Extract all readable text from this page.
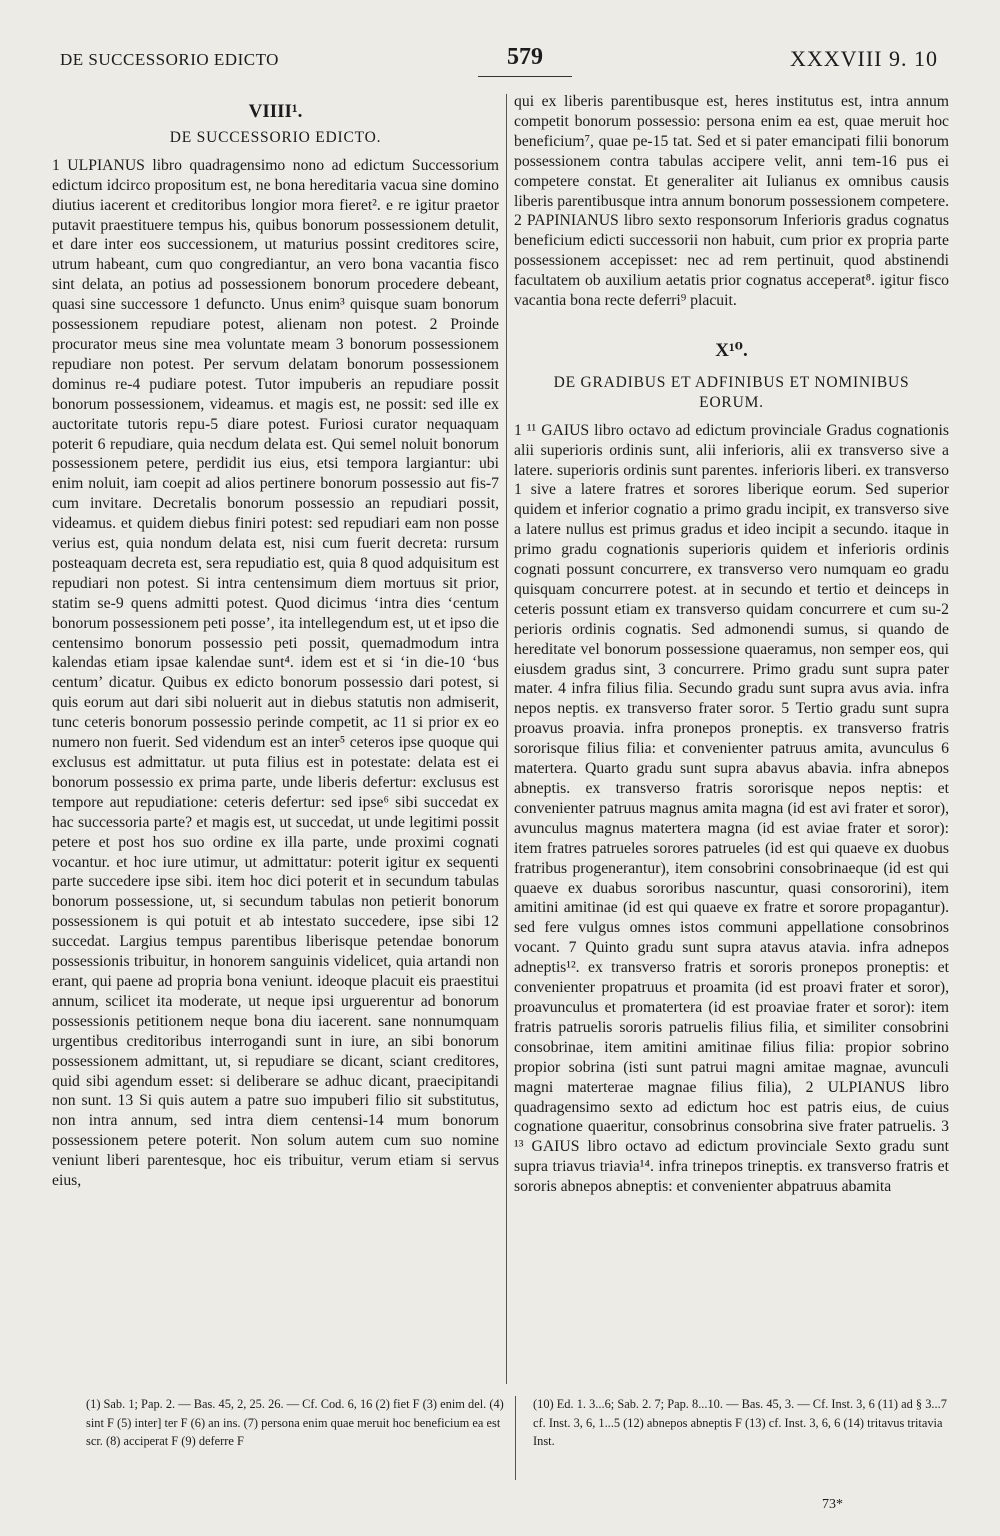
DE SUCCESSORIO EDICTO	579	XXXVIII 9. 10
VIIII¹.
DE SUCCESSORIO EDICTO.

1 ULPIANUS libro quadragensimo nono ad edictum Successorium edictum idcirco propositum est, ne bona hereditaria vacua sine domino diutius iacerent et creditoribus longior mora fieret². e re igitur praetor putavit praestituere tempus his, quibus bonorum possessionem detulit, et dare inter eos successionem, ut maturius possint creditores scire, utrum habeant, cum quo congrediantur, an vero bona vacantia fisco sint delata, an potius ad possessionem bonorum procedere debeant, quasi sine successore 1 defuncto. Unus enim³ quisque suam bonorum possessionem repudiare potest, alienam non potest. 2 Proinde procurator meus sine mea voluntate meam 3 bonorum possessionem repudiare non potest. Per servum delatam bonorum possessionem dominus re-4 pudiare potest. Tutor impuberis an repudiare possit bonorum possessionem, videamus. et magis est, ne possit: sed ille ex auctoritate tutoris repu-5 diare potest. Furiosi curator nequaquam poterit 6 repudiare, quia necdum delata est. Qui semel noluit bonorum possessionem petere, perdidit ius eius, etsi tempora largiantur: ubi enim noluit, iam coepit ad alios pertinere bonorum possessio aut fis-7 cum invitare. Decretalis bonorum possessio an repudiari possit, videamus. et quidem diebus finiri potest: sed repudiari eam non posse verius est, quia nondum delata est, nisi cum fuerit decreta: rursum posteaquam decreta est, sera repudiatio est, quia 8 quod adquisitum est repudiari non potest. Si intra centensimum diem mortuus sit prior, statim se-9 quens admitti potest. Quod dicimus ‘intra dies ‘centum bonorum possessionem peti posse’, ita intellegendum est, ut et ipso die centensimo bonorum possessio peti possit, quemadmodum intra kalendas etiam ipsae kalendae sunt⁴. idem est et si ‘in die-10 ‘bus centum’ dicatur. Quibus ex edicto bonorum possessio dari potest, si quis eorum aut dari sibi noluerit aut in diebus statutis non admiserit, tunc ceteris bonorum possessio perinde competit, ac 11 si prior ex eo numero non fuerit. Sed videndum est an inter⁵ ceteros ipse quoque qui exclusus est admittatur. ut puta filius est in potestate: delata est ei bonorum possessio ex prima parte, unde liberis defertur: exclusus est tempore aut repudiatione: ceteris defertur: sed ipse⁶ sibi succedat ex hac successoria parte? et magis est, ut succedat, ut unde legitimi possit petere et post hos suo ordine ex illa parte, unde proximi cognati vocantur. et hoc iure utimur, ut admittatur: poterit igitur ex sequenti parte succedere ipse sibi. item hoc dici poterit et in secundum tabulas bonorum possessione, ut, si secundum tabulas non petierit bonorum possessionem is qui potuit et ab intestato succedere, ipse sibi 12 succedat. Largius tempus parentibus liberisque petendae bonorum possessionis tribuitur, in honorem sanguinis videlicet, quia artandi non erant, qui paene ad propria bona veniunt. ideoque placuit eis praestitui annum, scilicet ita moderate, ut neque ipsi urguerentur ad bonorum possessionis petitionem neque bona diu iacerent. sane nonnumquam urgentibus creditoribus interrogandi sunt in iure, an sibi bonorum possessionem admittant, ut, si repudiare se dicant, sciant creditores, quid sibi agendum esset: si deliberare se adhuc dicant, praecipitandi non sunt. 13 Si quis autem a patre suo impuberi filio sit substitutus, non intra annum, sed intra diem centensi-14 mum bonorum possessionem petere poterit. Non solum autem cum suo nomine veniunt liberi parentesque, hoc eis tribuitur, verum etiam si servus eius,

qui ex liberis parentibusque est, heres institutus est, intra annum competit bonorum possessio: persona enim ea est, quae meruit hoc beneficium⁷, quae pe-15 tat. Sed et si pater emancipati filii bonorum possessionem contra tabulas accipere velit, anni tem-16 pus ei competere constat. Et generaliter ait Iulianus ex omnibus causis liberis parentibusque intra annum bonorum possessionem competere. 2 PAPINIANUS libro sexto responsorum Inferioris gradus cognatus beneficium edicti successorii non habuit, cum prior ex propria parte possessionem accepisset: nec ad rem pertinuit, quod abstinendi facultatem ob auxilium aetatis prior cognatus acceperat⁸. igitur fisco vacantia bona recte deferri⁹ placuit.

X¹⁰.
DE GRADIBUS ET ADFINIBUS ET NOMINIBUS EORUM.

1 ¹¹ GAIUS libro octavo ad edictum provinciale Gradus cognationis alii superioris ordinis sunt, alii inferioris, alii ex transverso sive a latere. superioris ordinis sunt parentes. inferioris liberi. ex transverso 1 sive a latere fratres et sorores liberique eorum. Sed superior quidem et inferior cognatio a primo gradu incipit, ex transverso sive a latere nullus est primus gradus et ideo incipit a secundo. itaque in primo gradu cognationis superioris quidem et inferioris ordinis cognati possunt concurrere, ex transverso vero numquam eo gradu quisquam concurrere potest. at in secundo et tertio et deinceps in ceteris possunt etiam ex transverso quidam concurrere et cum su-2 perioris ordinis cognatis. Sed admonendi sumus, si quando de hereditate vel bonorum possessione quaeramus, non semper eos, qui eiusdem gradus sint, 3 concurrere. Primo gradu sunt supra pater mater. 4 infra filius filia. Secundo gradu sunt supra avus avia. infra nepos neptis. ex transverso frater soror. 5 Tertio gradu sunt supra proavus proavia. infra pronepos proneptis. ex transverso fratris sororisque filius filia: et convenienter patruus amita, avunculus 6 matertera. Quarto gradu sunt supra abavus abavia. infra abnepos abneptis. ex transverso fratris sororisque nepos neptis: et convenienter patruus magnus amita magna (id est avi frater et soror), avunculus magnus matertera magna (id est aviae frater et soror): item fratres patrueles sorores patrueles (id est qui quaeve ex duobus fratribus progenerantur), item consobrini consobrinaeque (id est qui quaeve ex duabus sororibus nascuntur, quasi consororini), item amitini amitinae (id est qui quaeve ex fratre et sorore propagantur). sed fere vulgus omnes istos communi appellatione consobrinos vocant. 7 Quinto gradu sunt supra atavus atavia. infra adnepos adneptis¹². ex transverso fratris et sororis pronepos proneptis: et convenienter propatruus et proamita (id est proavi frater et soror), proavunculus et promatertera (id est proaviae frater et soror): item fratris patruelis sororis patruelis filius filia, et similiter consobrini consobrinae, item amitini amitinae filius filia: propior sobrino propior sobrina (isti sunt patrui magni amitae magnae, avunculi magni materterae magnae filius filia), 2 ULPIANUS libro quadragensimo sexto ad edictum hoc est patris eius, de cuius cognatione quaeritur, consobrinus consobrina sive frater patruelis. 3 ¹³ GAIUS libro octavo ad edictum provinciale Sexto gradu sunt supra triavus triavia¹⁴. infra trinepos trineptis. ex transverso fratris et sororis abnepos abneptis: et convenienter abpatruus abamita

(1) Sab. 1; Pap. 2. — Bas. 45, 2, 25. 26. — Cf. Cod. 6, 16 (2) fiet F (3) enim del. (4) sint F (5) inter] ter F (6) an ins. (7) persona enim quae meruit hoc beneficium ea est scr. (8) acciperat F (9) deferre F
(10) Ed. 1. 3...6; Sab. 2. 7; Pap. 8...10. — Bas. 45, 3. — Cf. Inst. 3, 6 (11) ad § 3...7 cf. Inst. 3, 6, 1...5 (12) abnepos abneptis F (13) cf. Inst. 3, 6, 6 (14) tritavus tritavia Inst.
73*
